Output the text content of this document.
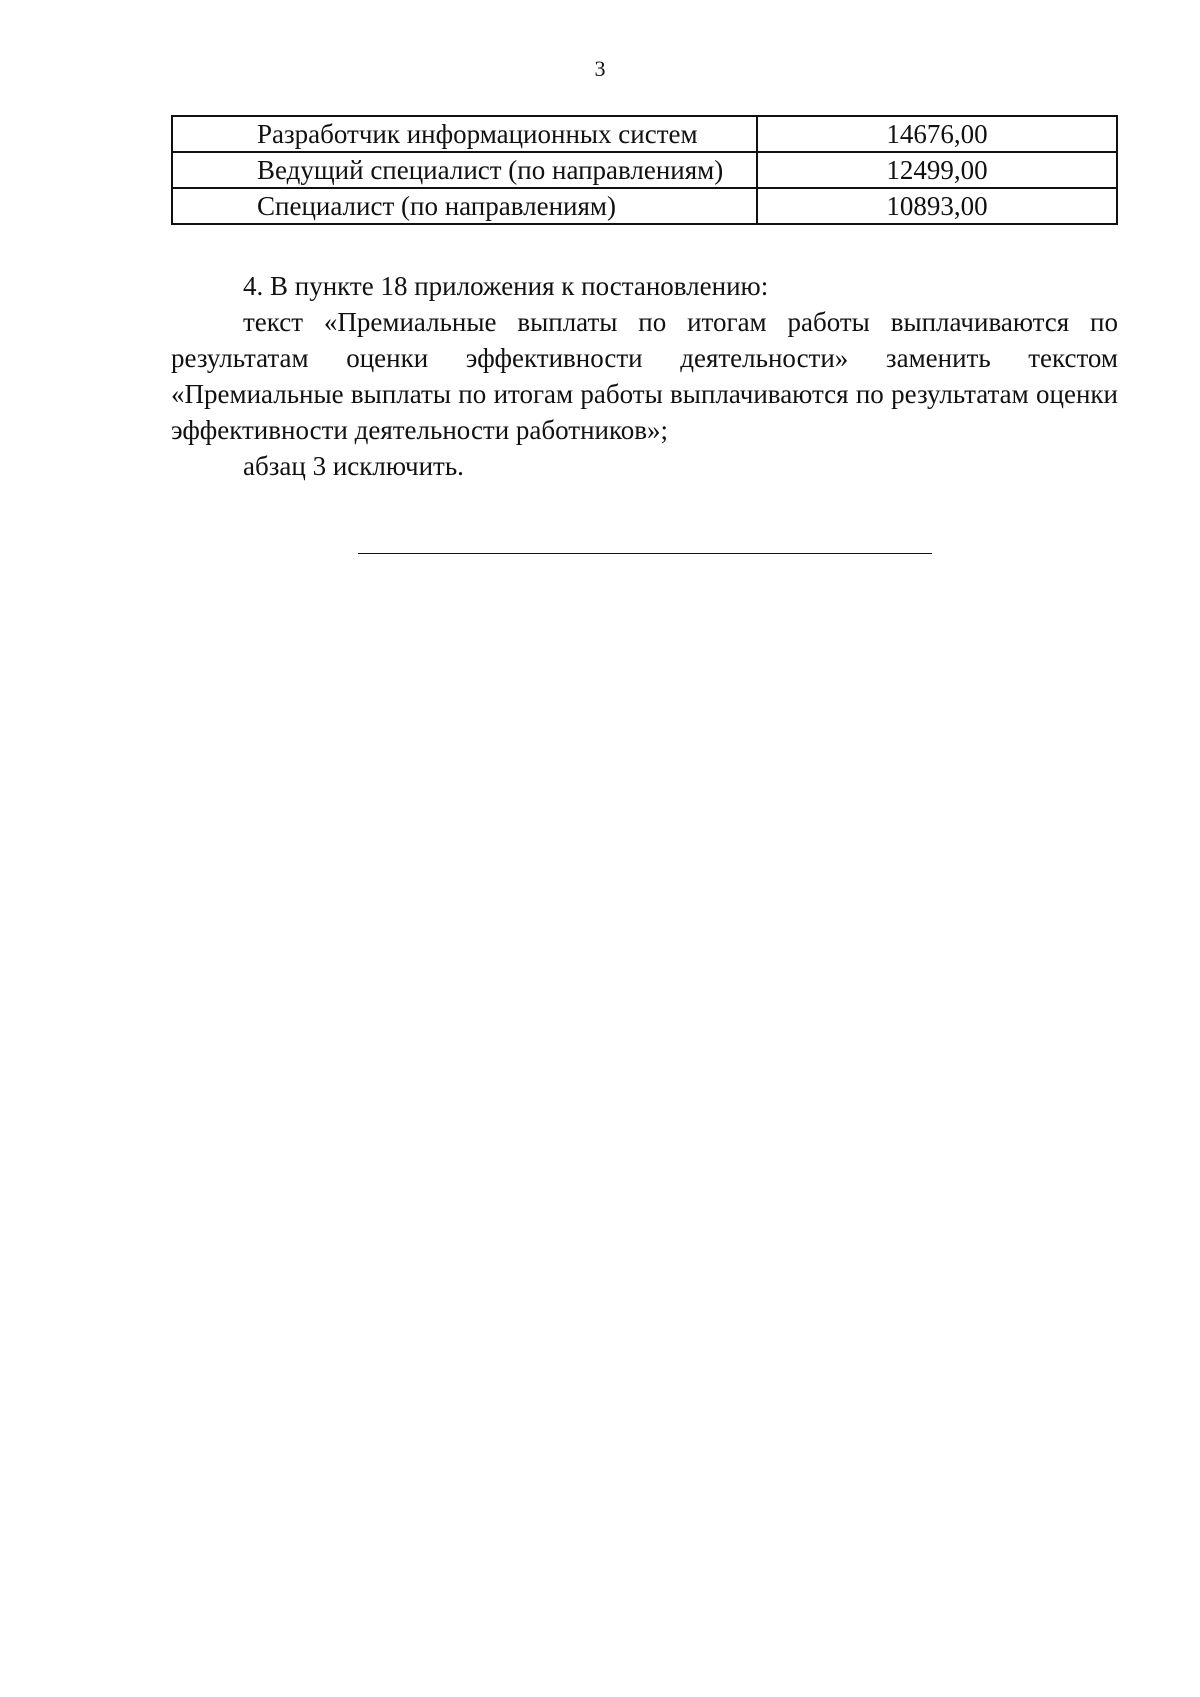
3
Разработчик информационных систем	14676,00
Ведущий специалист (по направлениям)	12499,00
Специалист (по направлениям)	10893,00

4. В пункте 18 приложения к постановлению:

текст «Премиальные выплаты по итогам работы выплачиваются по результатам оценки эффективности деятельности» заменить текстом «Премиальные выплаты по итогам работы выплачиваются по результатам оценки эффективности деятельности работников»;

абзац 3 исключить.
